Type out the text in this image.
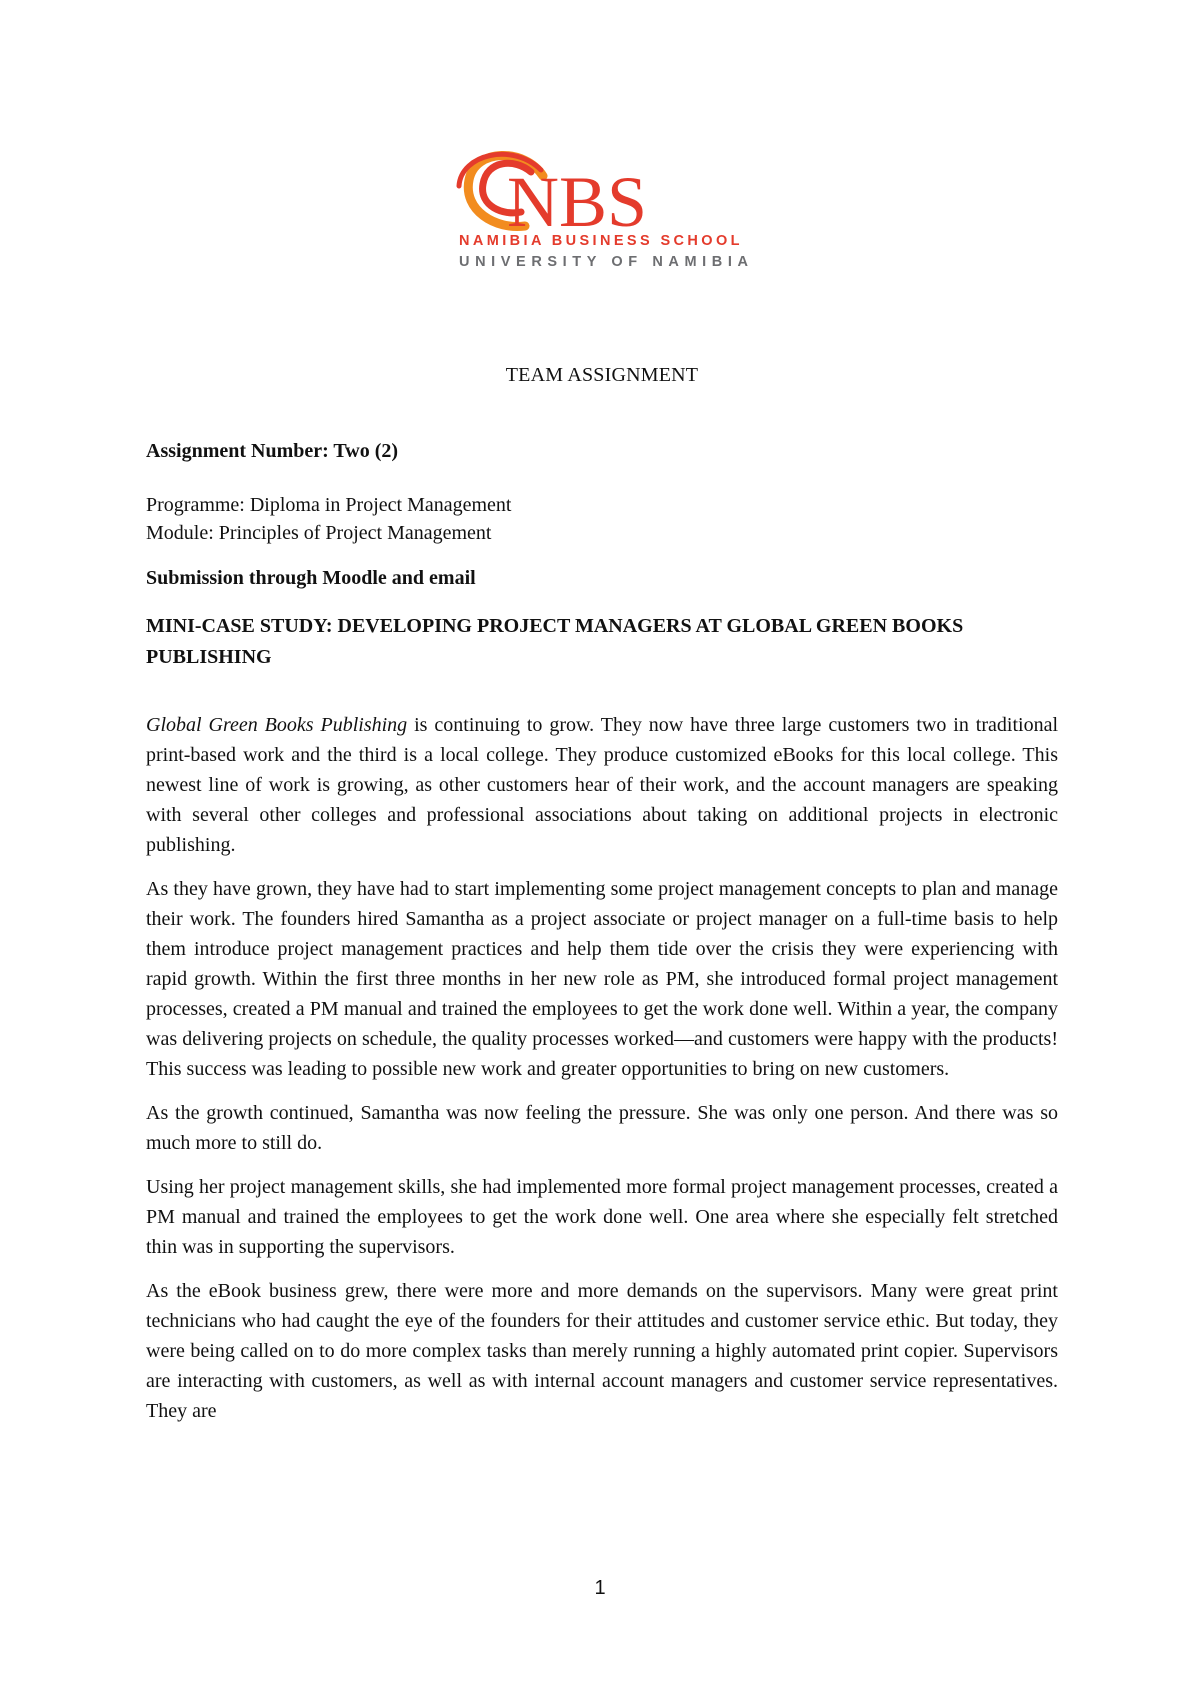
NBS
NAMIBIA BUSINESS SCHOOL
UNIVERSITY OF NAMIBIA

TEAM ASSIGNMENT

Assignment Number: Two (2)

Programme: Diploma in Project Management
Module: Principles of Project Management

Submission through Moodle and email

MINI-CASE STUDY: DEVELOPING PROJECT MANAGERS AT GLOBAL GREEN BOOKS PUBLISHING

Global Green Books Publishing is continuing to grow. They now have three large customers two in traditional print-based work and the third is a local college. They produce customized eBooks for this local college. This newest line of work is growing, as other customers hear of their work, and the account managers are speaking with several other colleges and professional associations about taking on additional projects in electronic publishing.

As they have grown, they have had to start implementing some project management concepts to plan and manage their work. The founders hired Samantha as a project associate or project manager on a full-time basis to help them introduce project management practices and help them tide over the crisis they were experiencing with rapid growth. Within the first three months in her new role as PM, she introduced formal project management processes, created a PM manual and trained the employees to get the work done well. Within a year, the company was delivering projects on schedule, the quality processes worked—and customers were happy with the products! This success was leading to possible new work and greater opportunities to bring on new customers.

As the growth continued, Samantha was now feeling the pressure. She was only one person. And there was so much more to still do.

Using her project management skills, she had implemented more formal project management processes, created a PM manual and trained the employees to get the work done well. One area where she especially felt stretched thin was in supporting the supervisors.

As the eBook business grew, there were more and more demands on the supervisors. Many were great print technicians who had caught the eye of the founders for their attitudes and customer service ethic. But today, they were being called on to do more complex tasks than merely running a highly automated print copier. Supervisors are interacting with customers, as well as with internal account managers and customer service representatives. They are

1
